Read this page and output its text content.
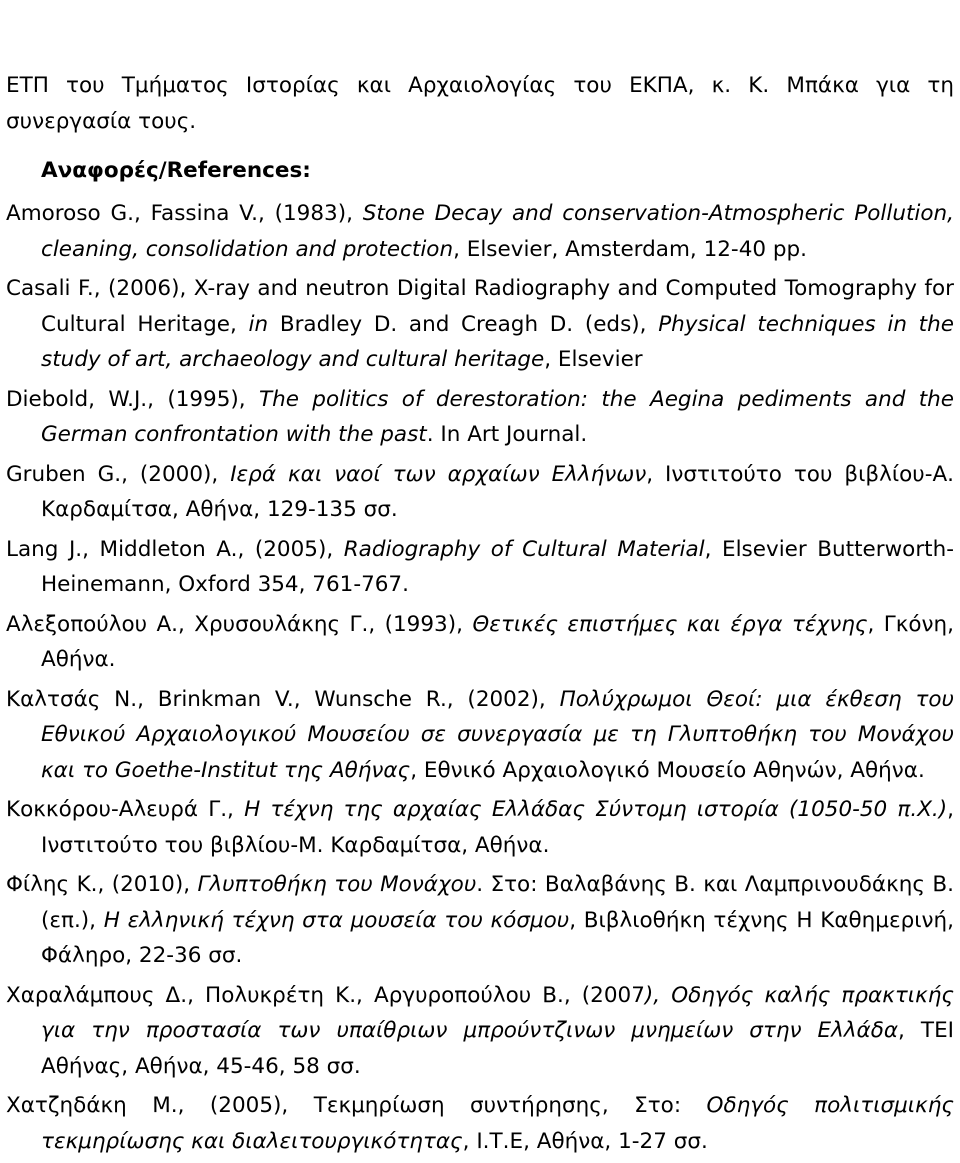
ΕΤΠ του Τμήματος Ιστορίας και Αρχαιολογίας του ΕΚΠΑ, κ. Κ. Μπάκα για τη συνεργασία τους.

Αναφορές/References:
Amoroso G., Fassina V., (1983), Stone Decay and conservation-Atmospheric Pollution, cleaning, consolidation and protection, Elsevier, Amsterdam, 12-40 pp.
Casali F., (2006), X-ray and neutron Digital Radiography and Computed Tomography for Cultural Heritage, in Bradley D. and Creagh D. (eds), Physical techniques in the study of art, archaeology and cultural heritage, Elsevier
Diebold, W.J., (1995), The politics of derestoration: the Aegina pediments and the German confrontation with the past. In Art Journal.
Gruben G., (2000), Ιερά και ναοί των αρχαίων Ελλήνων, Ινστιτούτο του βιβλίου-Α. Καρδαμίτσα, Αθήνα, 129-135 σσ.
Lang J., Middleton A., (2005), Radiography of Cultural Material, Elsevier Butterworth-Heinemann, Oxford 354, 761-767.
Αλεξοπούλου Α., Χρυσουλάκης Γ., (1993), Θετικές επιστήμες και έργα τέχνης, Γκόνη, Αθήνα.
Καλτσάς Ν., Brinkman V., Wunsche R., (2002), Πολύχρωμοι Θεοί: μια έκθεση του Εθνικού Αρχαιολογικού Μουσείου σε συνεργασία με τη Γλυπτοθήκη του Μονάχου και το Goethe-Institut της Αθήνας, Εθνικό Αρχαιολογικό Μουσείο Αθηνών, Αθήνα.
Κοκκόρου-Αλευρά Γ., Η τέχνη της αρχαίας Ελλάδας Σύντομη ιστορία (1050-50 π.Χ.), Ινστιτούτο του βιβλίου-Μ. Καρδαμίτσα, Αθήνα.
Φίλης Κ., (2010), Γλυπτοθήκη του Μονάχου. Στο: Βαλαβάνης Β. και Λαμπρινουδάκης Β. (επ.), Η ελληνική τέχνη στα μουσεία του κόσμου, Βιβλιοθήκη τέχνης Η Καθημερινή, Φάληρο, 22-36 σσ.
Χαραλάμπους Δ., Πολυκρέτη Κ., Αργυροπούλου Β., (2007), Οδηγός καλής πρακτικής για την προστασία των υπαίθριων μπρούντζινων μνημείων στην Ελλάδα, ΤΕΙ Αθήνας, Αθήνα, 45-46, 58 σσ.
Χατζηδάκη Μ., (2005), Τεκμηρίωση συντήρησης, Στο: Οδηγός πολιτισμικής τεκμηρίωσης και διαλειτουργικότητας, Ι.Τ.Ε, Αθήνα, 1-27 σσ.
